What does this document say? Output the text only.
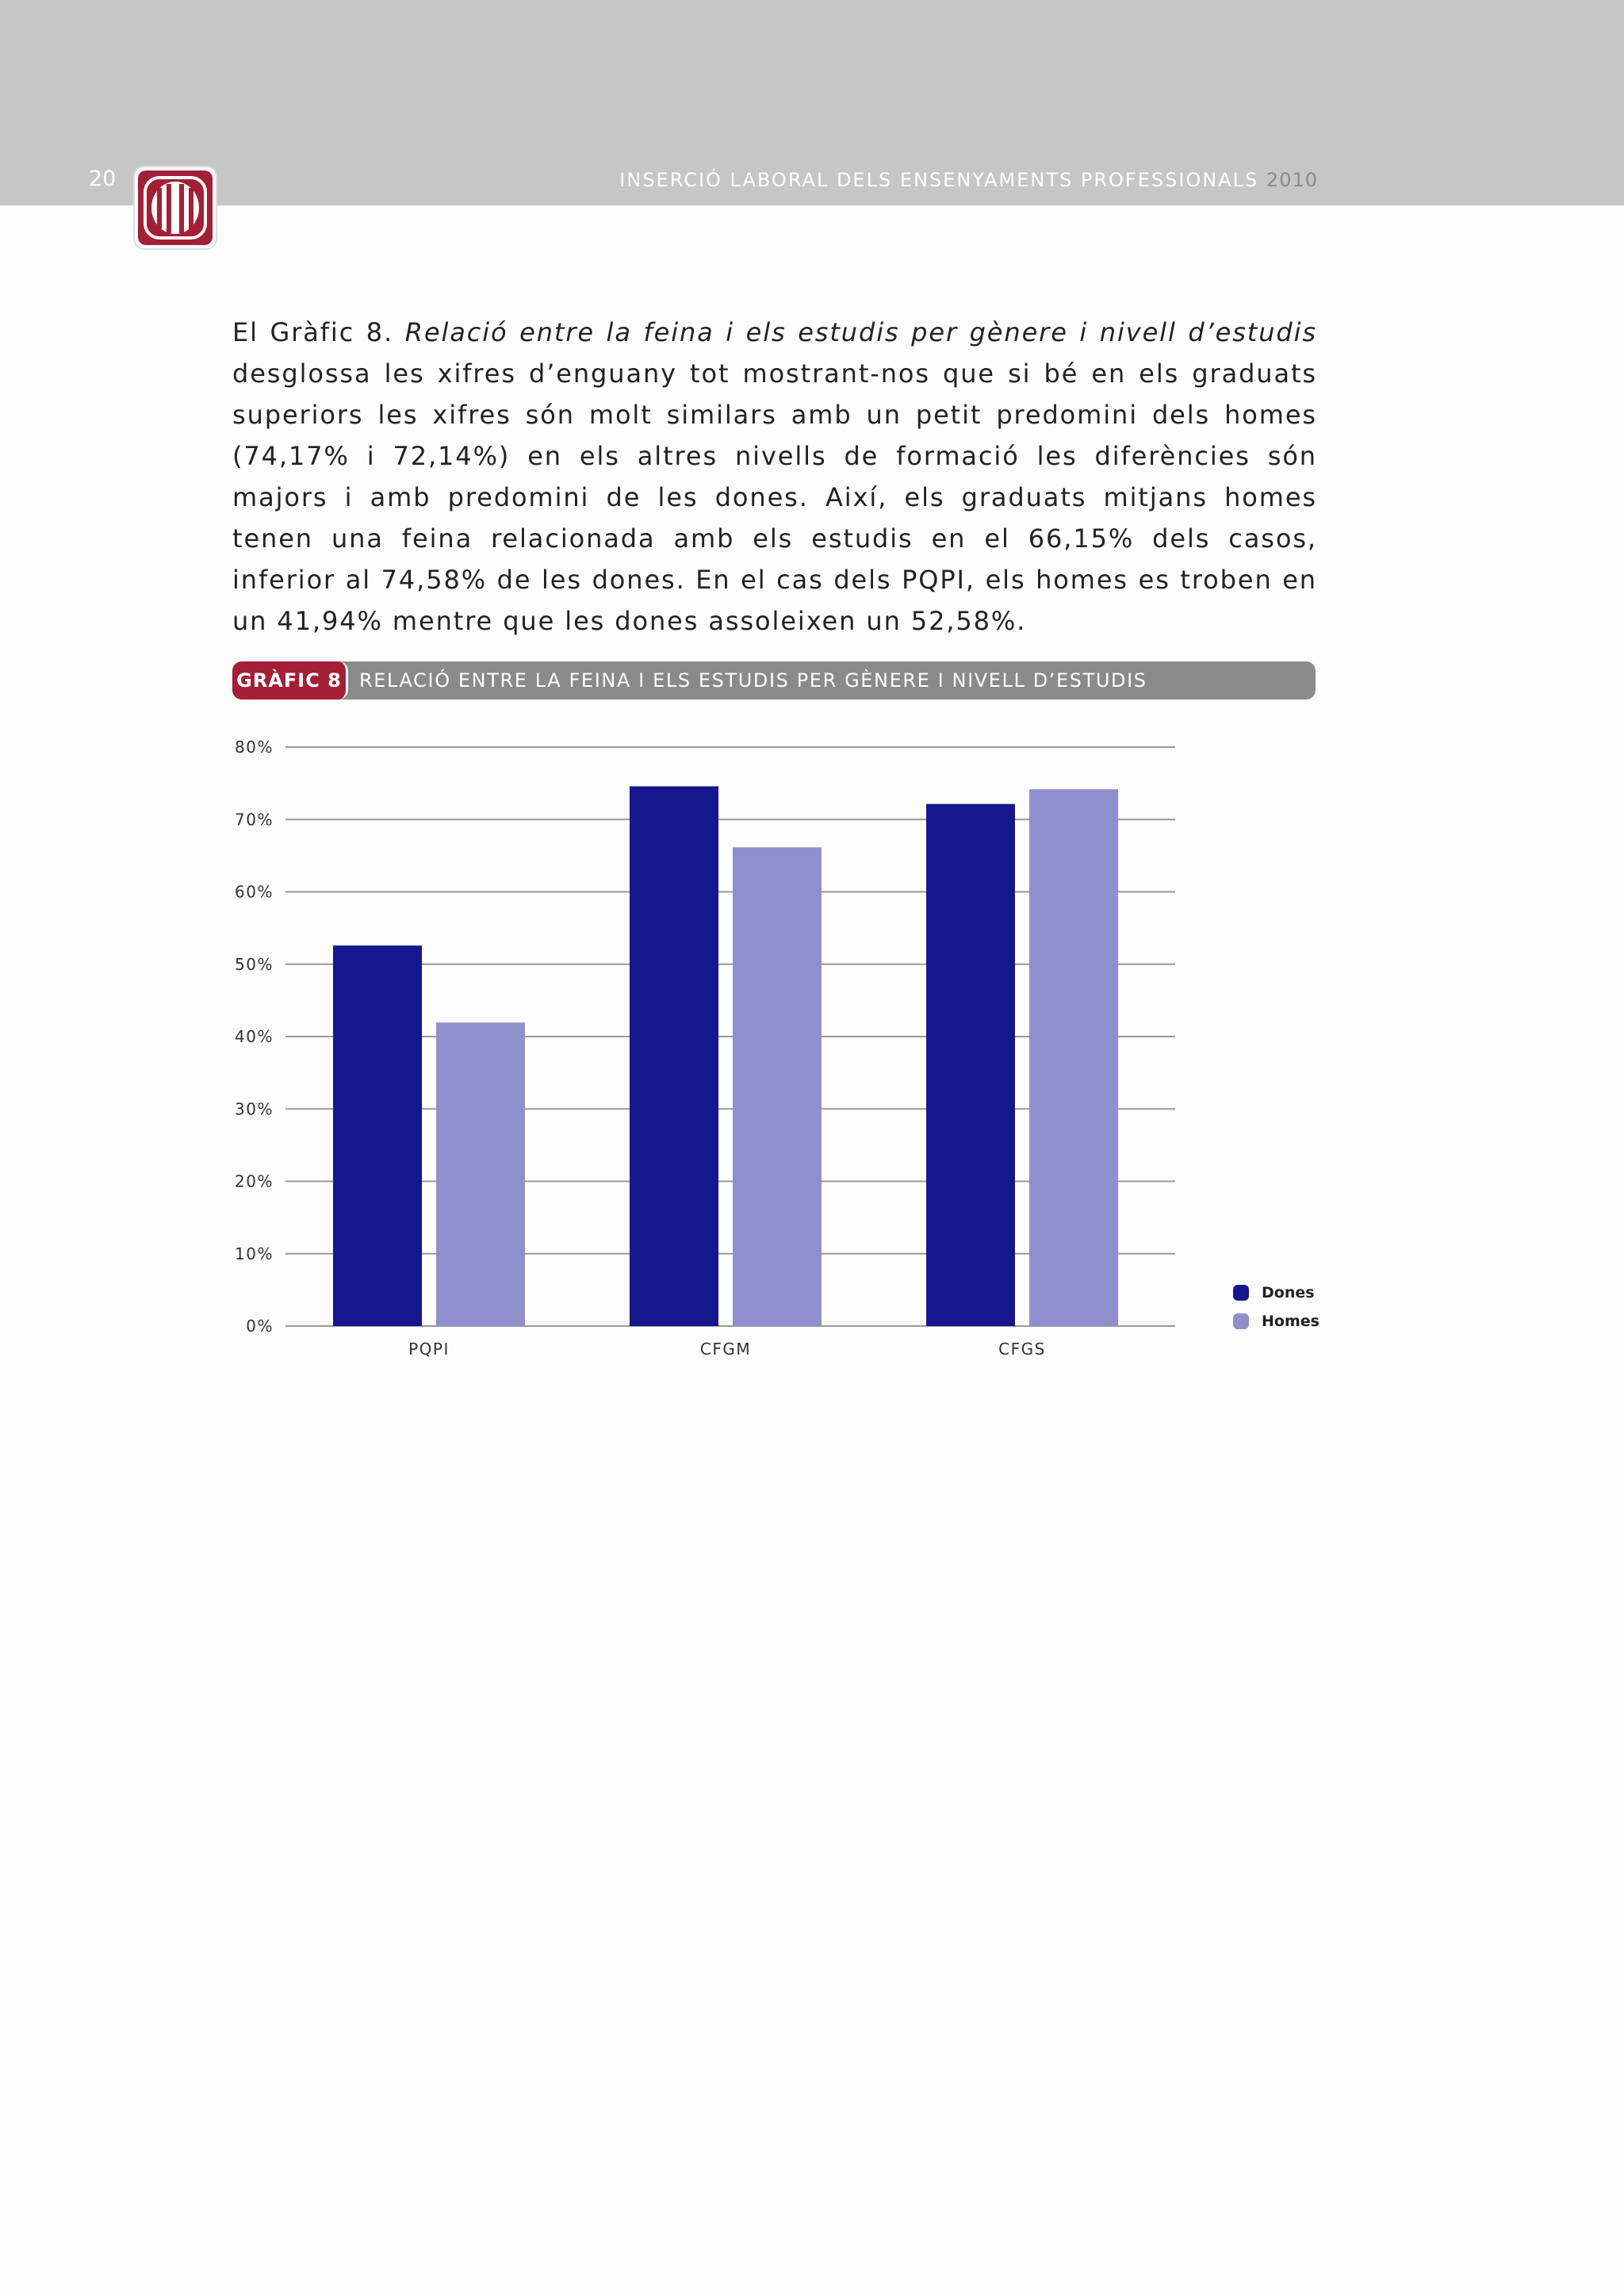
20	INSERCIÓ LABORAL DELS ENSENYAMENTS PROFESSIONALS 2010
El Gràfic 8. Relació entre la feina i els estudis per gènere i nivell d’estudis desglossa les xifres d’enguany tot mostrant-nos que si bé en els graduats superiors les xifres són molt similars amb un petit predomini dels homes (74,17% i 72,14%) en els altres nivells de formació les diferències són majors i amb predomini de les dones. Així, els graduats mitjans homes tenen una feina relacionada amb els estudis en el 66,15% dels casos, inferior al 74,58% de les dones. En el cas dels PQPI, els homes es troben en un 41,94% mentre que les dones assoleixen un 52,58%.
GRÀFIC 8 RELACIÓ ENTRE LA FEINA I ELS ESTUDIS PER GÈNERE I NIVELL D’ESTUDIS
0%
10%
20%
30%
40%
50%
60%
70%
80%
PQPI	CFGM	CFGS
Dones
Homes
